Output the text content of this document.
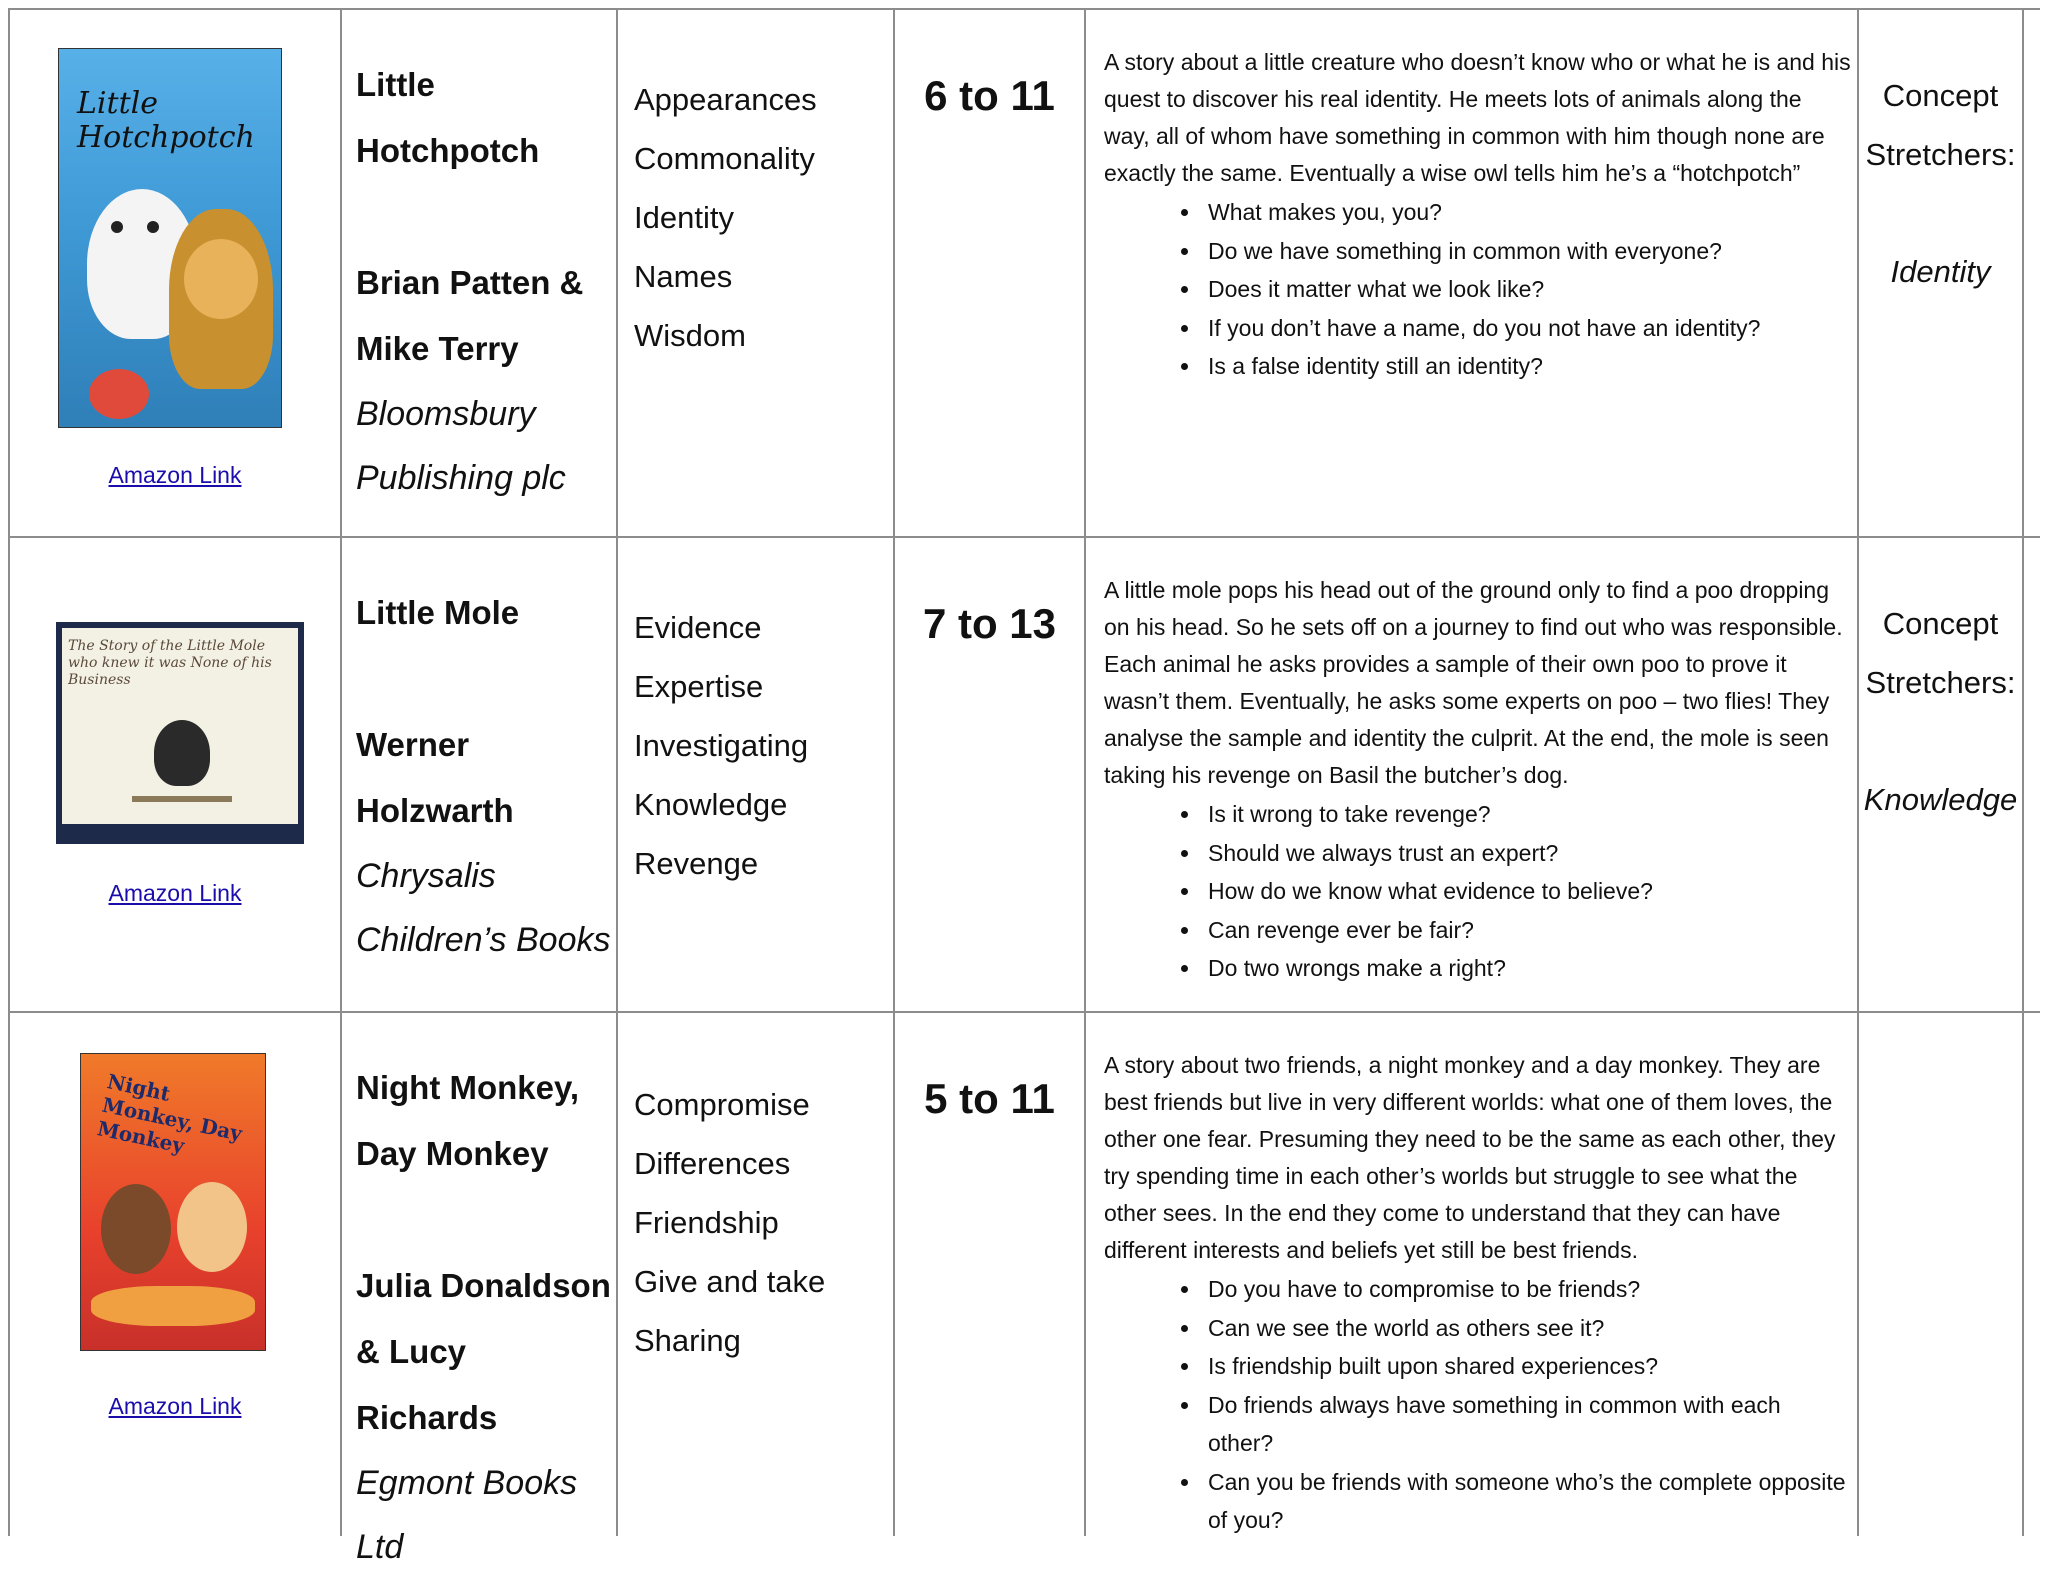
Little Hotchpotch
Amazon Link
Little
Hotchpotch
Brian Patten &
Mike Terry
Bloomsbury
Publishing plc
Appearances
Commonality
Identity
Names
Wisdom
6 to 11

A story about a little creature who doesn’t know who or what he is and his quest to discover his real identity. He meets lots of animals along the way, all of whom have something in common with him though none are exactly the same. Eventually a wise owl tells him he’s a “hotchpotch”

• What makes you, you?
• Do we have something in common with everyone?
• Does it matter what we look like?
• If you don’t have a name, do you not have an identity?
• Is a false identity still an identity?
Concept
Stretchers:
Identity
The Story of the Little Mole who knew it was None of his Business
Amazon Link
Little Mole
Werner
Holzwarth
Chrysalis
Children’s Books
Evidence
Expertise
Investigating
Knowledge
Revenge
7 to 13

A little mole pops his head out of the ground only to find a poo dropping on his head. So he sets off on a journey to find out who was responsible. Each animal he asks provides a sample of their own poo to prove it wasn’t them. Eventually, he asks some experts on poo – two flies! They analyse the sample and identity the culprit. At the end, the mole is seen taking his revenge on Basil the butcher’s dog.

• Is it wrong to take revenge?
• Should we always trust an expert?
• How do we know what evidence to believe?
• Can revenge ever be fair?
• Do two wrongs make a right?
Concept
Stretchers:
Knowledge
Night Monkey, Day Monkey
Amazon Link
Night Monkey,
Day Monkey
Julia Donaldson
& Lucy Richards
Egmont Books Ltd
Compromise
Differences
Friendship
Give and take
Sharing
5 to 11

A story about two friends, a night monkey and a day monkey. They are best friends but live in very different worlds: what one of them loves, the other one fear. Presuming they need to be the same as each other, they try spending time in each other’s worlds but struggle to see what the other sees. In the end they come to understand that they can have different interests and beliefs yet still be best friends.

• Do you have to compromise to be friends?
• Can we see the world as others see it?
• Is friendship built upon shared experiences?
• Do friends always have something in common with each other?
• Can you be friends with someone who’s the complete opposite of you?
